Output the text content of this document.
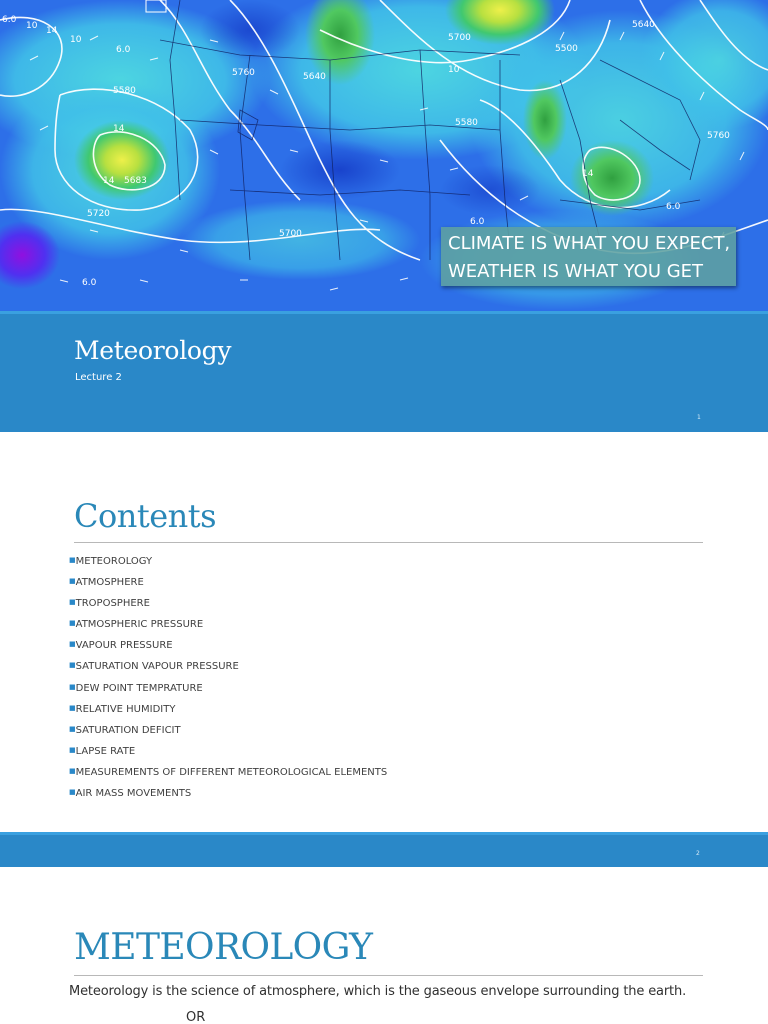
6.0
10 14
10
6.0
5760	5640
5700
5500
5580
5760
5640
5580
5683
5720
5700
6.0
6.0
14
14
10
14
6.0
CLIMATE IS WHAT YOU EXPECT,
WEATHER IS WHAT YOU GET
Meteorology
Lecture 2
1
Contents
■METEOROLOGY
■ATMOSPHERE
■TROPOSPHERE
■ATMOSPHERIC PRESSURE
■VAPOUR PRESSURE
■SATURATION VAPOUR PRESSURE
■DEW POINT TEMPRATURE
■RELATIVE HUMIDITY
■SATURATION DEFICIT
■LAPSE RATE
■MEASUREMENTS OF DIFFERENT METEOROLOGICAL ELEMENTS
■AIR MASS MOVEMENTS
2
METEOROLOGY
Meteorology is the science of atmosphere, which is the gaseous envelope surrounding the earth.
OR
